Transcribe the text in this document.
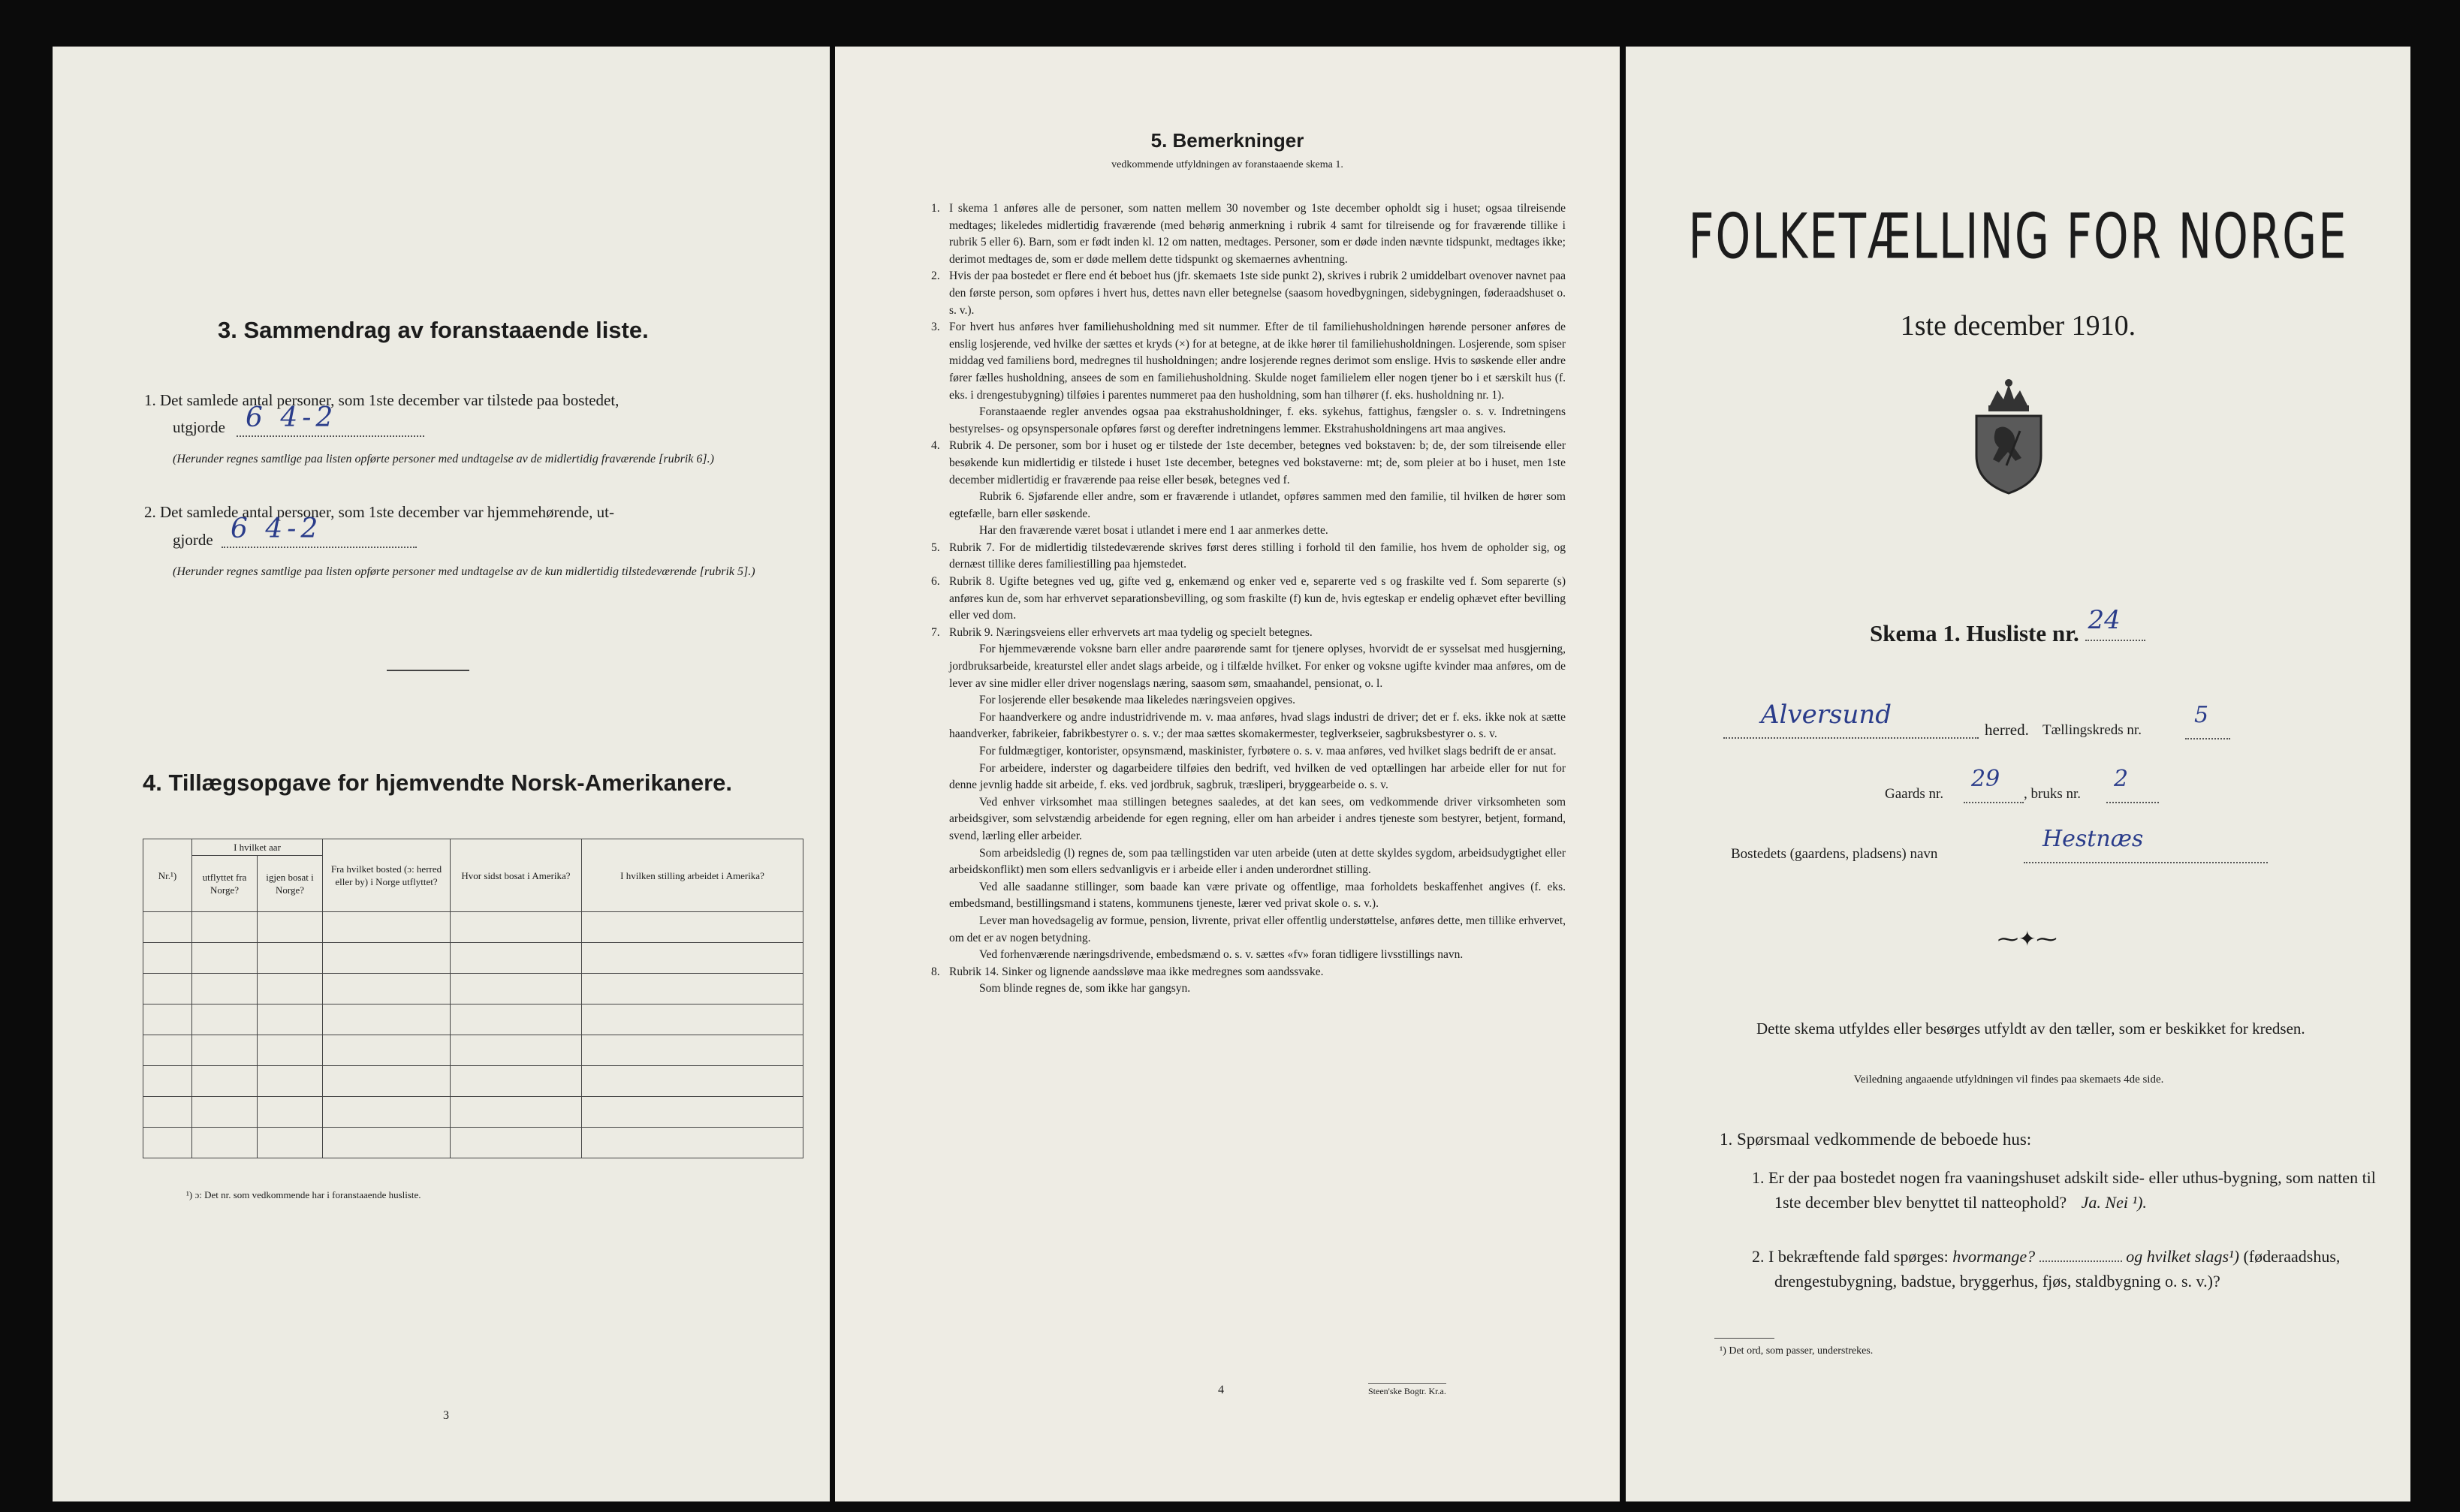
3. Sammendrag av foranstaaende liste.
1. Det samlede antal personer, som 1ste december var tilstede paa bostedet,
utgjorde 6 4-2
(Herunder regnes samtlige paa listen opførte personer med undtagelse av de midlertidig fraværende [rubrik 6].)
2. Det samlede antal personer, som 1ste december var hjemmehørende, ut-
gjorde 6 4-2
(Herunder regnes samtlige paa listen opførte personer med undtagelse av de kun midlertidig tilstedeværende [rubrik 5].)
4. Tillægsopgave for hjemvendte Norsk-Amerikanere.
Nr.¹)	I hvilket aar		Fra hvilket bosted (ɔ: herred eller by) i Norge utflyttet?	Hvor sidst bosat i Amerika?	I hvilken stilling arbeidet i Amerika?
	utflyttet fra Norge?	igjen bosat i Norge?			

¹) ɔ: Det nr. som vedkommende har i foranstaaende husliste.
3
5. Bemerkninger
vedkommende utfyldningen av foranstaaende skema 1.

1. I skema 1 anføres alle de personer, som natten mellem 30 november og 1ste december opholdt sig i huset; ogsaa tilreisende medtages; likeledes midlertidig fraværende (med behørig anmerkning i rubrik 4 samt for tilreisende og for fraværende tillike i rubrik 5 eller 6). Barn, som er født inden kl. 12 om natten, medtages. Personer, som er døde inden nævnte tidspunkt, medtages ikke; derimot medtages de, som er døde mellem dette tidspunkt og skemaernes avhentning.

2. Hvis der paa bostedet er flere end ét beboet hus (jfr. skemaets 1ste side punkt 2), skrives i rubrik 2 umiddelbart ovenover navnet paa den første person, som opføres i hvert hus, dettes navn eller betegnelse (saasom hovedbygningen, sidebygningen, føderaadshuset o. s. v.).

3. For hvert hus anføres hver familiehusholdning med sit nummer. Efter de til familiehusholdningen hørende personer anføres de enslig losjerende, ved hvilke der sættes et kryds (×) for at betegne, at de ikke hører til familiehusholdningen. Losjerende, som spiser middag ved familiens bord, medregnes til husholdningen; andre losjerende regnes derimot som enslige. Hvis to søskende eller andre fører fælles husholdning, ansees de som en familiehusholdning. Skulde noget familielem eller nogen tjener bo i et særskilt hus (f. eks. i drengestubygning) tilføies i parentes nummeret paa den husholdning, som han tilhører (f. eks. husholdning nr. 1).

Foranstaaende regler anvendes ogsaa paa ekstrahusholdninger, f. eks. sykehus, fattighus, fængsler o. s. v. Indretningens bestyrelses- og opsynspersonale opføres først og derefter indretningens lemmer. Ekstrahusholdningens art maa angives.

4. Rubrik 4. De personer, som bor i huset og er tilstede der 1ste december, betegnes ved bokstaven: b; de, der som tilreisende eller besøkende kun midlertidig er tilstede i huset 1ste december, betegnes ved bokstaverne: mt; de, som pleier at bo i huset, men 1ste december midlertidig er fraværende paa reise eller besøk, betegnes ved f.

Rubrik 6. Sjøfarende eller andre, som er fraværende i utlandet, opføres sammen med den familie, til hvilken de hører som egtefælle, barn eller søskende.

Har den fraværende været bosat i utlandet i mere end 1 aar anmerkes dette.

5. Rubrik 7. For de midlertidig tilstedeværende skrives først deres stilling i forhold til den familie, hos hvem de opholder sig, og dernæst tillike deres familiestilling paa hjemstedet.

6. Rubrik 8. Ugifte betegnes ved ug, gifte ved g, enkemænd og enker ved e, separerte ved s og fraskilte ved f. Som separerte (s) anføres kun de, som har erhvervet separationsbevilling, og som fraskilte (f) kun de, hvis egteskap er endelig ophævet efter bevilling eller ved dom.

7. Rubrik 9. Næringsveiens eller erhvervets art maa tydelig og specielt betegnes.

For hjemmeværende voksne barn eller andre paarørende samt for tjenere oplyses, hvorvidt de er sysselsat med husgjerning, jordbruksarbeide, kreaturstel eller andet slags arbeide, og i tilfælde hvilket. For enker og voksne ugifte kvinder maa anføres, om de lever av sine midler eller driver nogenslags næring, saasom søm, smaahandel, pensionat, o. l.

For losjerende eller besøkende maa likeledes næringsveien opgives.

For haandverkere og andre industridrivende m. v. maa anføres, hvad slags industri de driver; det er f. eks. ikke nok at sætte haandverker, fabrikeier, fabrikbestyrer o. s. v.; der maa sættes skomakermester, teglverkseier, sagbruksbestyrer o. s. v.

For fuldmægtiger, kontorister, opsynsmænd, maskinister, fyrbøtere o. s. v. maa anføres, ved hvilket slags bedrift de er ansat.

For arbeidere, inderster og dagarbeidere tilføies den bedrift, ved hvilken de ved optællingen har arbeide eller for nut for denne jevnlig hadde sit arbeide, f. eks. ved jordbruk, sagbruk, træsliperi, bryggearbeide o. s. v.

Ved enhver virksomhet maa stillingen betegnes saaledes, at det kan sees, om vedkommende driver virksomheten som arbeidsgiver, som selvstændig arbeidende for egen regning, eller om han arbeider i andres tjeneste som bestyrer, betjent, formand, svend, lærling eller arbeider.

Som arbeidsledig (l) regnes de, som paa tællingstiden var uten arbeide (uten at dette skyldes sygdom, arbeidsudygtighet eller arbeidskonflikt) men som ellers sedvanligvis er i arbeide eller i anden underordnet stilling.

Ved alle saadanne stillinger, som baade kan være private og offentlige, maa forholdets beskaffenhet angives (f. eks. embedsmand, bestillingsmand i statens, kommunens tjeneste, lærer ved privat skole o. s. v.).

Lever man hovedsagelig av formue, pension, livrente, privat eller offentlig understøttelse, anføres dette, men tillike erhvervet, om det er av nogen betydning.

Ved forhenværende næringsdrivende, embedsmænd o. s. v. sættes «fv» foran tidligere livsstillings navn.

8. Rubrik 14. Sinker og lignende aandssløve maa ikke medregnes som aandssvake.

Som blinde regnes de, som ikke har gangsyn.

4	Steen'ske Bogtr. Kr.a.
FOLKETÆLLING FOR NORGE
1ste december 1910.
Skema 1. Husliste nr. 24
Alversund	herred. Tællingskreds nr.
5
Gaards nr.
29
, bruks nr.
2
Bostedets (gaardens, pladsens) navn
Hestnæs
⁓✦⁓
Dette skema utfyldes eller besørges utfyldt av den tæller, som er beskikket for kredsen.
Veiledning angaaende utfyldningen vil findes paa skemaets 4de side.
1. Spørsmaal vedkommende de beboede hus:
1. Er der paa bostedet nogen fra vaaningshuset adskilt side- eller uthus-bygning, som natten til 1ste december blev benyttet til natteophold? Ja. Nei ¹).
2. I bekræftende fald spørges: hvormange?	og hvilket slags¹) (føderaadshus, drengestubygning, badstue, bryggerhus, fjøs, staldbygning o. s. v.)?
¹) Det ord, som passer, understrekes.
